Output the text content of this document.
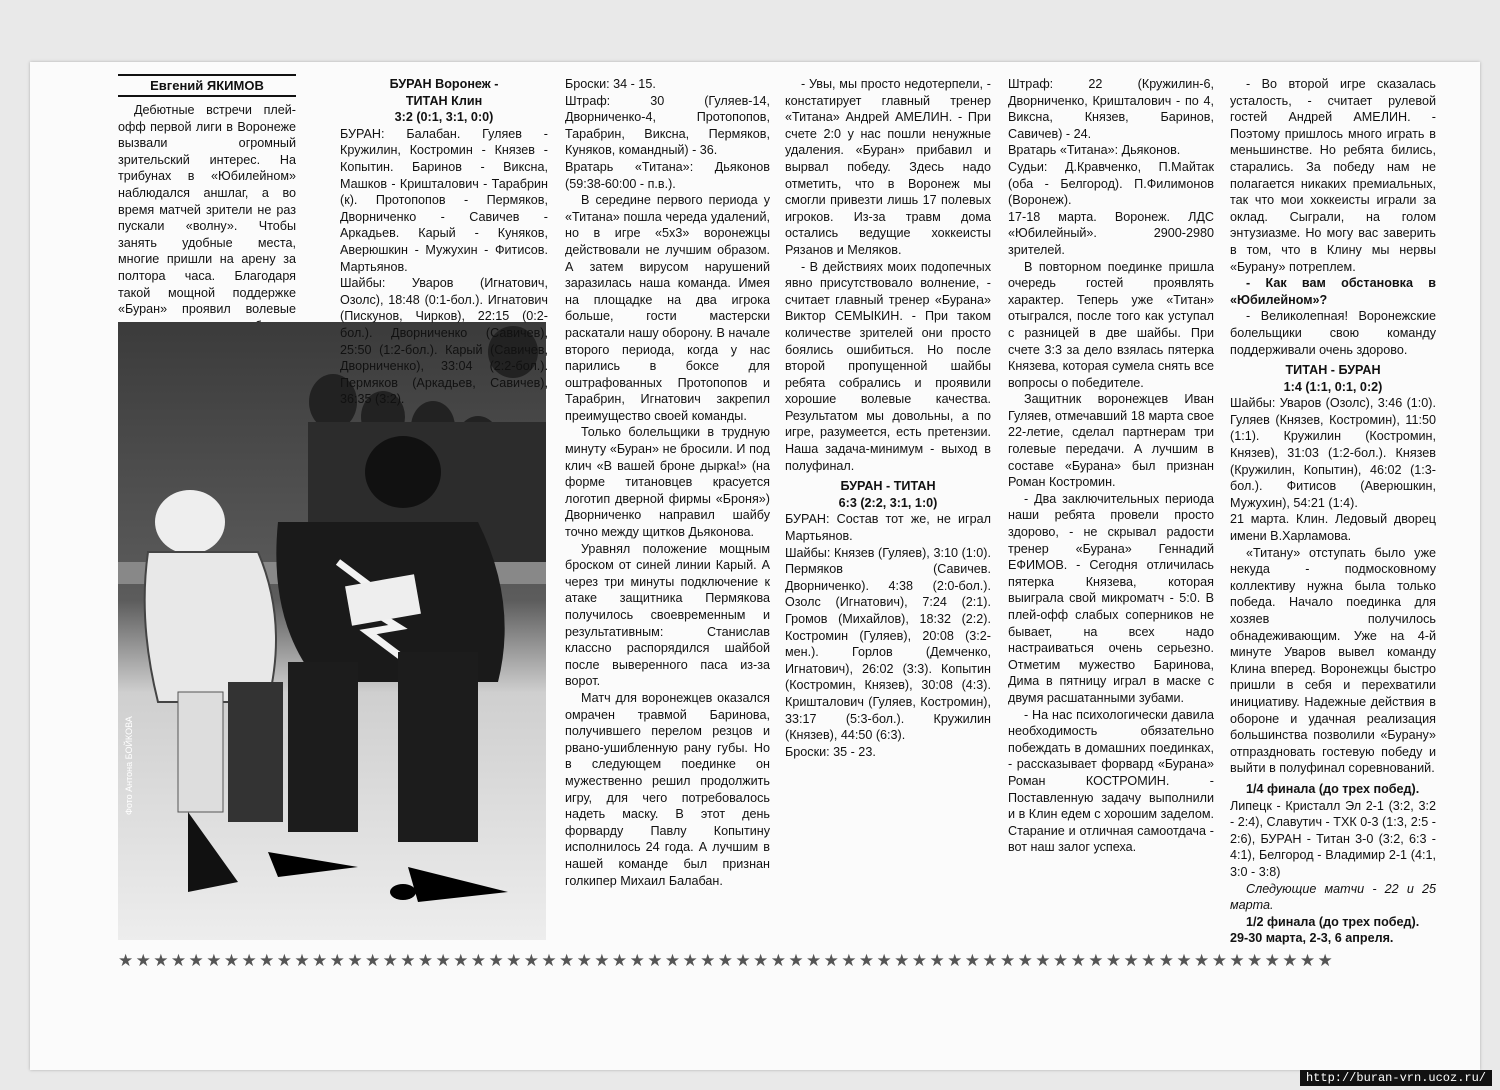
Евгений ЯКИМОВ

Дебютные встречи плей-офф первой лиги в Воронеже вызвали огромный зрительский интерес. На трибунах в «Юбилейном» наблюдался аншлаг, а во время матчей зрители не раз пускали «волну». Чтобы занять удобные места, многие пришли на арену за полтора часа. Благодаря такой мощной поддержке «Буран» проявил волевые

Фото Антона БОЙКОВА

БУРАН Воронеж -

ТИТАН Клин

3:2 (0:1, 3:1, 0:0)

БУРАН: Балабан. Гуляев - Кружилин, Костромин - Князев - Копытин. Баринов - Виксна, Машков - Кришталович - Тарабрин (к). Протопопов - Пермяков, Дворниченко - Савичев - Аркадьев. Карый - Куняков, Аверюшкин - Мужухин - Фитисов. Мартьянов.

Шайбы: Уваров (Игнатович, Озолс), 18:48 (0:1-бол.). Игнатович (Пискунов, Чирков), 22:15 (0:2-бол.). Дворниченко (Савичев), 25:50 (1:2-бол.). Карый (Савичев, Дворниченко), 33:04 (2:2-бол.). Пермяков (Аркадьев, Савичев), 36:35 (3:2).

Броски: 34 - 15.

Штраф: 30 (Гуляев-14, Дворниченко-4, Протопопов, Тарабрин, Виксна, Пермяков, Куняков, командный) - 36.

Вратарь «Титана»: Дьяконов (59:38-60:00 - п.в.).

В середине первого периода у «Титана» пошла череда удалений, но в игре «5х3» воронежцы действовали не лучшим образом. А затем вирусом нарушений заразилась наша команда. Имея на площадке на два игрока больше, гости мастерски раскатали нашу оборону. В начале второго периода, когда у нас парились в боксе для оштрафованных Протопопов и Тарабрин, Игнатович закрепил преимущество своей команды.

Только болельщики в трудную минуту «Буран» не бросили. И под клич «В вашей броне дырка!» (на форме титановцев красуется логотип дверной фирмы «Броня») Дворниченко направил шайбу точно между щитков Дьяконова.

Уравнял положение мощным броском от синей линии Карый. А через три минуты подключение к атаке защитника Пермякова получилось своевременным и результативным: Станислав классно распорядился шайбой после выверенного паса из-за ворот.

Матч для воронежцев оказался омрачен травмой Баринова, получившего перелом резцов и рвано-ушибленную рану губы. Но в следующем поединке он мужественно решил продолжить игру, для чего потребовалось надеть маску. В этот день форварду Павлу Копытину исполнилось 24 года. А лучшим в нашей команде был признан голкипер Михаил Балабан.

- Увы, мы просто недотерпели, - констатирует главный тренер «Титана» Андрей АМЕЛИН. - При счете 2:0 у нас пошли ненужные удаления. «Буран» прибавил и вырвал победу. Здесь надо отметить, что в Воронеж мы смогли привезти лишь 17 полевых игроков. Из-за травм дома остались ведущие хоккеисты Рязанов и Меляков.

- В действиях моих подопечных явно присутствовало волнение, - считает главный тренер «Бурана» Виктор СЕМЫКИН. - При таком количестве зрителей они просто боялись ошибиться. Но после второй пропущенной шайбы ребята собрались и проявили хорошие волевые качества. Результатом мы довольны, а по игре, разумеется, есть претензии. Наша задача-минимум - выход в полуфинал.

БУРАН - ТИТАН

6:3 (2:2, 3:1, 1:0)

БУРАН: Состав тот же, не играл Мартьянов.

Шайбы: Князев (Гуляев), 3:10 (1:0). Пермяков (Савичев. Дворниченко). 4:38 (2:0-бол.). Озолс (Игнатович), 7:24 (2:1). Громов (Михайлов), 18:32 (2:2). Костромин (Гуляев), 20:08 (3:2-мен.). Горлов (Демченко, Игнатович), 26:02 (3:3). Копытин (Костромин, Князев), 30:08 (4:3). Кришталович (Гуляев, Костромин), 33:17 (5:3-бол.). Кружилин (Князев), 44:50 (6:3).

Броски: 35 - 23.

Штраф: 22 (Кружилин-6, Дворниченко, Кришталович - по 4, Виксна, Князев, Баринов, Савичев) - 24.

Вратарь «Титана»: Дьяконов.

Судьи: Д.Кравченко, П.Майтак (оба - Белгород). П.Филимонов (Воронеж).

17-18 марта. Воронеж. ЛДС «Юбилейный». 2900-2980 зрителей.

В повторном поединке пришла очередь гостей проявлять характер. Теперь уже «Титан» отыгрался, после того как уступал с разницей в две шайбы. При счете 3:3 за дело взялась пятерка Князева, которая сумела снять все вопросы о победителе.

Защитник воронежцев Иван Гуляев, отмечавший 18 марта свое 22-летие, сделал партнерам три голевые передачи. А лучшим в составе «Бурана» был признан Роман Костромин.

- Два заключительных периода наши ребята провели просто здорово, - не скрывал радости тренер «Бурана» Геннадий ЕФИМОВ. - Сегодня отличилась пятерка Князева, которая выиграла свой микроматч - 5:0. В плей-офф слабых соперников не бывает, на всех надо настраиваться очень серьезно. Отметим мужество Баринова, Дима в пятницу играл в маске с двумя расшатанными зубами.

- На нас психологически давила необходимость обязательно побеждать в домашних поединках, - рассказывает форвард «Бурана» Роман КОСТРОМИН. - Поставленную задачу выполнили и в Клин едем с хорошим заделом. Старание и отличная самоотдача - вот наш залог успеха.

- Во второй игре сказалась усталость, - считает рулевой гостей Андрей АМЕЛИН. - Поэтому пришлось много играть в меньшинстве. Но ребята бились, старались. За победу нам не полагается никаких премиальных, так что мои хоккеисты играли за оклад. Сыграли, на голом энтузиазме. Но могу вас заверить в том, что в Клину мы нервы «Бурану» потреплем.

- Как вам обстановка в «Юбилейном»?

- Великолепная! Воронежские болельщики свою команду поддерживали очень здорово.

ТИТАН - БУРАН

1:4 (1:1, 0:1, 0:2)

Шайбы: Уваров (Озолс), 3:46 (1:0). Гуляев (Князев, Костромин), 11:50 (1:1). Кружилин (Костромин, Князев), 31:03 (1:2-бол.). Князев (Кружилин, Копытин), 46:02 (1:3-бол.). Фитисов (Аверюшкин, Мужухин), 54:21 (1:4).

21 марта. Клин. Ледовый дворец имени В.Харламова.

«Титану» отступать было уже некуда - подмосковному коллективу нужна была только победа. Начало поединка для хозяев получилось обнадеживающим. Уже на 4-й минуте Уваров вывел команду Клина вперед. Воронежцы быстро пришли в себя и перехватили инициативу. Надежные действия в обороне и удачная реализация большинства позволили «Бурану» отпраздновать гостевую победу и выйти в полуфинал соревнований.

1/4 финала (до трех побед).

Липецк - Кристалл Эл 2-1 (3:2, 3:2 - 2:4), Славутич - ТХК 0-3 (1:3, 2:5 - 2:6), БУРАН - Титан 3-0 (3:2, 6:3 - 4:1), Белгород - Владимир 2-1 (4:1, 3:0 - 3:8)

Следующие матчи - 22 и 25 марта.

1/2 финала (до трех побед).

29-30 марта, 2-3, 6 апреля.

★★★★★★★★★★★★★★★★★★★★★★★★★★★★★★★★★★★★★★★★★★★★★★★★★★★★★★★★★★★★★★★★★★★★★
http://buran-vrn.ucoz.ru/
